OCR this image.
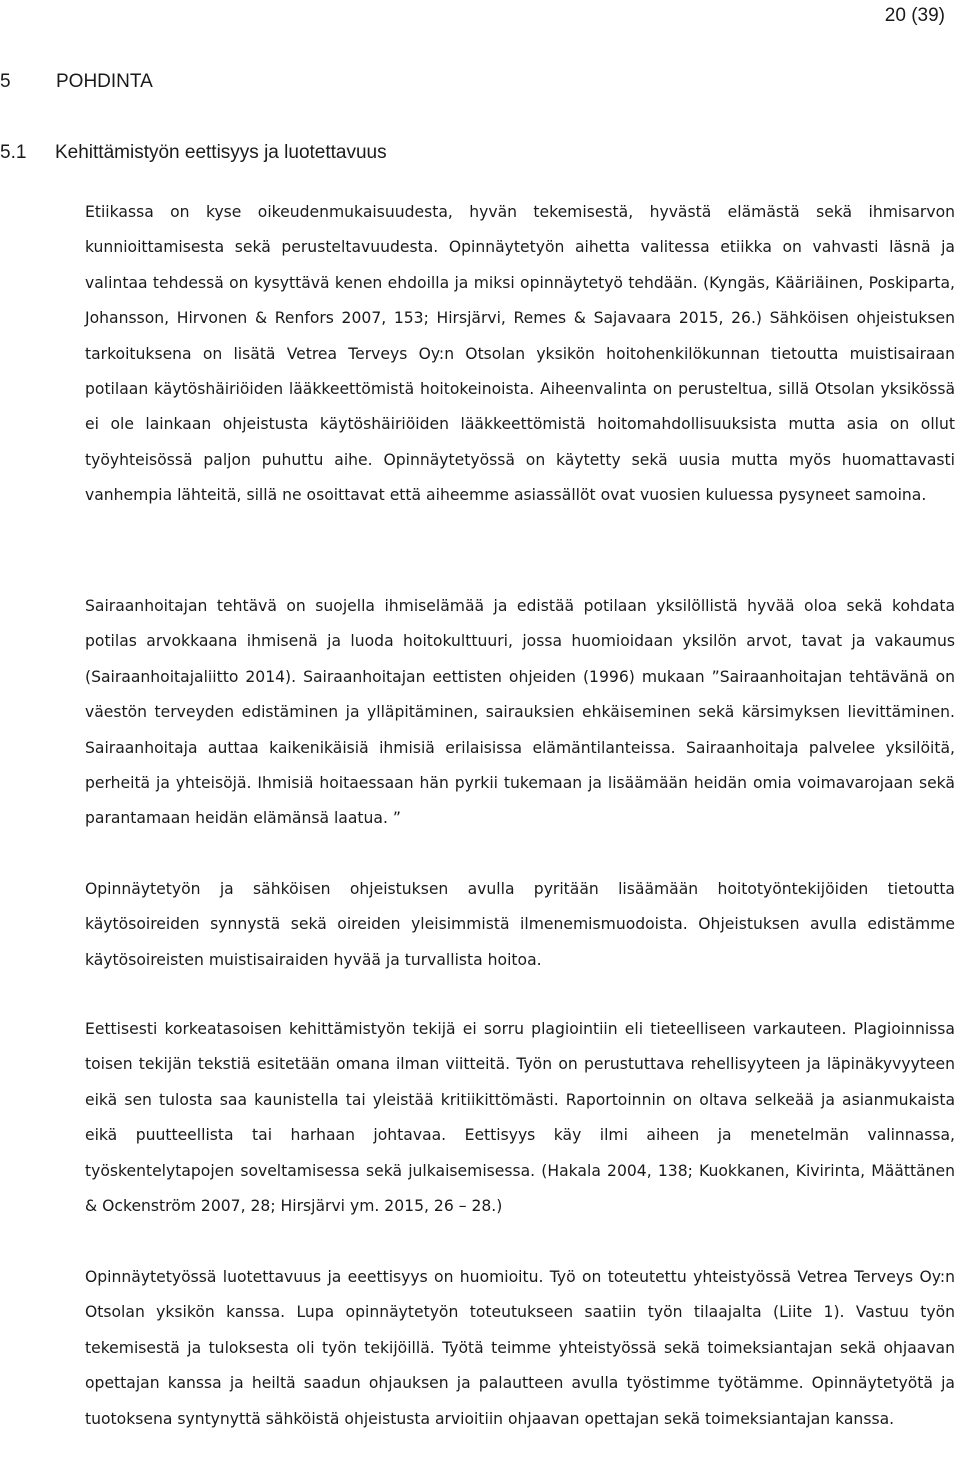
20 (39)
5 POHDINTA
5.1 Kehittämistyön eettisyys ja luotettavuus

Etiikassa on kyse oikeudenmukaisuudesta, hyvän tekemisestä, hyvästä elämästä sekä ihmisarvon kunnioittamisesta sekä perusteltavuudesta. Opinnäytetyön aihetta valitessa etiikka on vahvasti läsnä ja valintaa tehdessä on kysyttävä kenen ehdoilla ja miksi opinnäytetyö tehdään. (Kyngäs, Kääriäinen, Poskiparta, Johansson, Hirvonen & Renfors 2007, 153; Hirsjärvi, Remes & Sajavaara 2015, 26.) Sähköisen ohjeistuksen tarkoituksena on lisätä Vetrea Terveys Oy:n Otsolan yksikön hoitohenkilökunnan tietoutta muistisairaan potilaan käytöshäiriöiden lääkkeettömistä hoitokeinoista. Aiheenvalinta on perusteltua, sillä Otsolan yksikössä ei ole lainkaan ohjeistusta käytöshäiriöiden lääkkeettömistä hoitomahdollisuuksista mutta asia on ollut työyhteisössä paljon puhuttu aihe. Opinnäytetyössä on käytetty sekä uusia mutta myös huomattavasti vanhempia lähteitä, sillä ne osoittavat että aiheemme asiassällöt ovat vuosien kuluessa pysyneet samoina.

Sairaanhoitajan tehtävä on suojella ihmiselämää ja edistää potilaan yksilöllistä hyvää oloa sekä kohdata potilas arvokkaana ihmisenä ja luoda hoitokulttuuri, jossa huomioidaan yksilön arvot, tavat ja vakaumus (Sairaanhoitajaliitto 2014). Sairaanhoitajan eettisten ohjeiden (1996) mukaan ”Sairaanhoitajan tehtävänä on väestön terveyden edistäminen ja ylläpitäminen, sairauksien ehkäiseminen sekä kärsimyksen lievittäminen. Sairaanhoitaja auttaa kaikenikäisiä ihmisiä erilaisissa elämäntilanteissa. Sairaanhoitaja palvelee yksilöitä, perheitä ja yhteisöjä. Ihmisiä hoitaessaan hän pyrkii tukemaan ja lisäämään heidän omia voimavarojaan sekä parantamaan heidän elämänsä laatua. ”

Opinnäytetyön ja sähköisen ohjeistuksen avulla pyritään lisäämään hoitotyöntekijöiden tietoutta käytösoireiden synnystä sekä oireiden yleisimmistä ilmenemismuodoista. Ohjeistuksen avulla edistämme käytösoireisten muistisairaiden hyvää ja turvallista hoitoa.

Eettisesti korkeatasoisen kehittämistyön tekijä ei sorru plagiointiin eli tieteelliseen varkauteen. Plagioinnissa toisen tekijän tekstiä esitetään omana ilman viitteitä. Työn on perustuttava rehellisyyteen ja läpinäkyvyyteen eikä sen tulosta saa kaunistella tai yleistää kritiikittömästi. Raportoinnin on oltava selkeää ja asianmukaista eikä puutteellista tai harhaan johtavaa. Eettisyys käy ilmi aiheen ja menetelmän valinnassa, työskentelytapojen soveltamisessa sekä julkaisemisessa. (Hakala 2004, 138; Kuokkanen, Kivirinta, Määttänen & Ockenström 2007, 28; Hirsjärvi ym. 2015, 26 – 28.)

Opinnäytetyössä luotettavuus ja eeettisyys on huomioitu. Työ on toteutettu yhteistyössä Vetrea Terveys Oy:n Otsolan yksikön kanssa. Lupa opinnäytetyön toteutukseen saatiin työn tilaajalta (Liite 1). Vastuu työn tekemisestä ja tuloksesta oli työn tekijöillä. Työtä teimme yhteistyössä sekä toimeksiantajan sekä ohjaavan opettajan kanssa ja heiltä saadun ohjauksen ja palautteen avulla työstimme työtämme. Opinnäytetyötä ja tuotoksena syntynyttä sähköistä ohjeistusta arvioitiin ohjaavan opettajan sekä toimeksiantajan kanssa.
